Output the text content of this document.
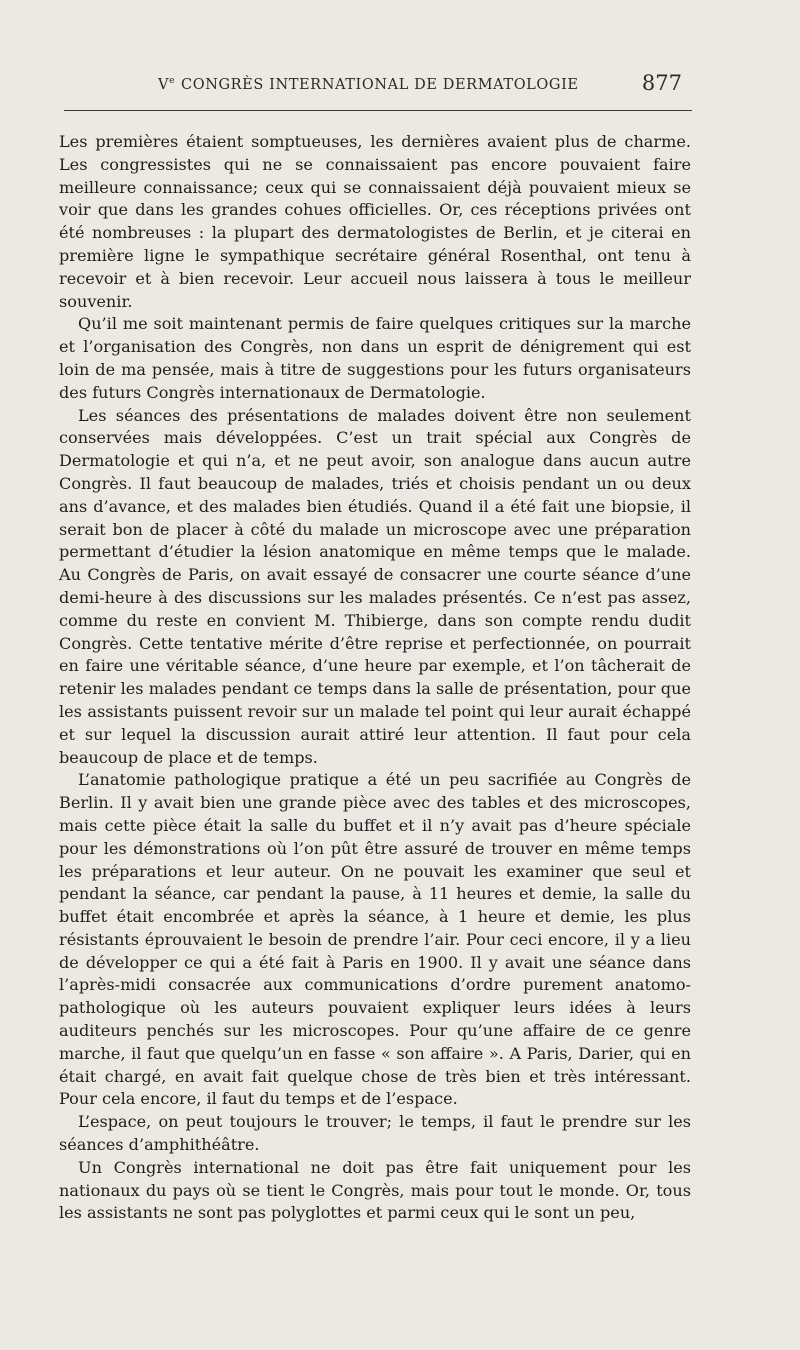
Ve CONGRÈS INTERNATIONAL DE DERMATOLOGIE	877

Les premières étaient somptueuses, les dernières avaient plus de charme. Les congressistes qui ne se connaissaient pas encore pouvaient faire meilleure connaissance; ceux qui se connaissaient déjà pouvaient mieux se voir que dans les grandes cohues officielles. Or, ces réceptions privées ont été nombreuses : la plupart des dermatologistes de Berlin, et je citerai en première ligne le sympathique secrétaire général Rosenthal, ont tenu à recevoir et à bien recevoir. Leur accueil nous laissera à tous le meilleur souvenir.

Qu’il me soit maintenant permis de faire quelques critiques sur la marche et l’organisation des Congrès, non dans un esprit de dénigrement qui est loin de ma pensée, mais à titre de suggestions pour les futurs organisateurs des futurs Congrès internationaux de Dermatologie.

Les séances des présentations de malades doivent être non seulement conservées mais développées. C’est un trait spécial aux Congrès de Dermatologie et qui n’a, et ne peut avoir, son analogue dans aucun autre Congrès. Il faut beaucoup de malades, triés et choisis pendant un ou deux ans d’avance, et des malades bien étudiés. Quand il a été fait une biopsie, il serait bon de placer à côté du malade un microscope avec une préparation permettant d’étudier la lésion anatomique en même temps que le malade. Au Congrès de Paris, on avait essayé de consacrer une courte séance d’une demi-heure à des discussions sur les malades présentés. Ce n’est pas assez, comme du reste en convient M. Thibierge, dans son compte rendu dudit Congrès. Cette tentative mérite d’être reprise et perfectionnée, on pourrait en faire une véritable séance, d’une heure par exemple, et l’on tâcherait de retenir les malades pendant ce temps dans la salle de présentation, pour que les assistants puissent revoir sur un malade tel point qui leur aurait échappé et sur lequel la discussion aurait attiré leur attention. Il faut pour cela beaucoup de place et de temps.

L’anatomie pathologique pratique a été un peu sacrifiée au Congrès de Berlin. Il y avait bien une grande pièce avec des tables et des microscopes, mais cette pièce était la salle du buffet et il n’y avait pas d’heure spéciale pour les démonstrations où l’on pût être assuré de trouver en même temps les préparations et leur auteur. On ne pouvait les examiner que seul et pendant la séance, car pendant la pause, à 11 heures et demie, la salle du buffet était encombrée et après la séance, à 1 heure et demie, les plus résistants éprouvaient le besoin de prendre l’air. Pour ceci encore, il y a lieu de développer ce qui a été fait à Paris en 1900. Il y avait une séance dans l’après-midi consacrée aux communications d’ordre purement anatomo-pathologique où les auteurs pouvaient expliquer leurs idées à leurs auditeurs penchés sur les microscopes. Pour qu’une affaire de ce genre marche, il faut que quelqu’un en fasse « son affaire ». A Paris, Darier, qui en était chargé, en avait fait quelque chose de très bien et très intéressant. Pour cela encore, il faut du temps et de l’espace.

L’espace, on peut toujours le trouver; le temps, il faut le prendre sur les séances d’amphithéâtre.

Un Congrès international ne doit pas être fait uniquement pour les nationaux du pays où se tient le Congrès, mais pour tout le monde. Or, tous les assistants ne sont pas polyglottes et parmi ceux qui le sont un peu,
